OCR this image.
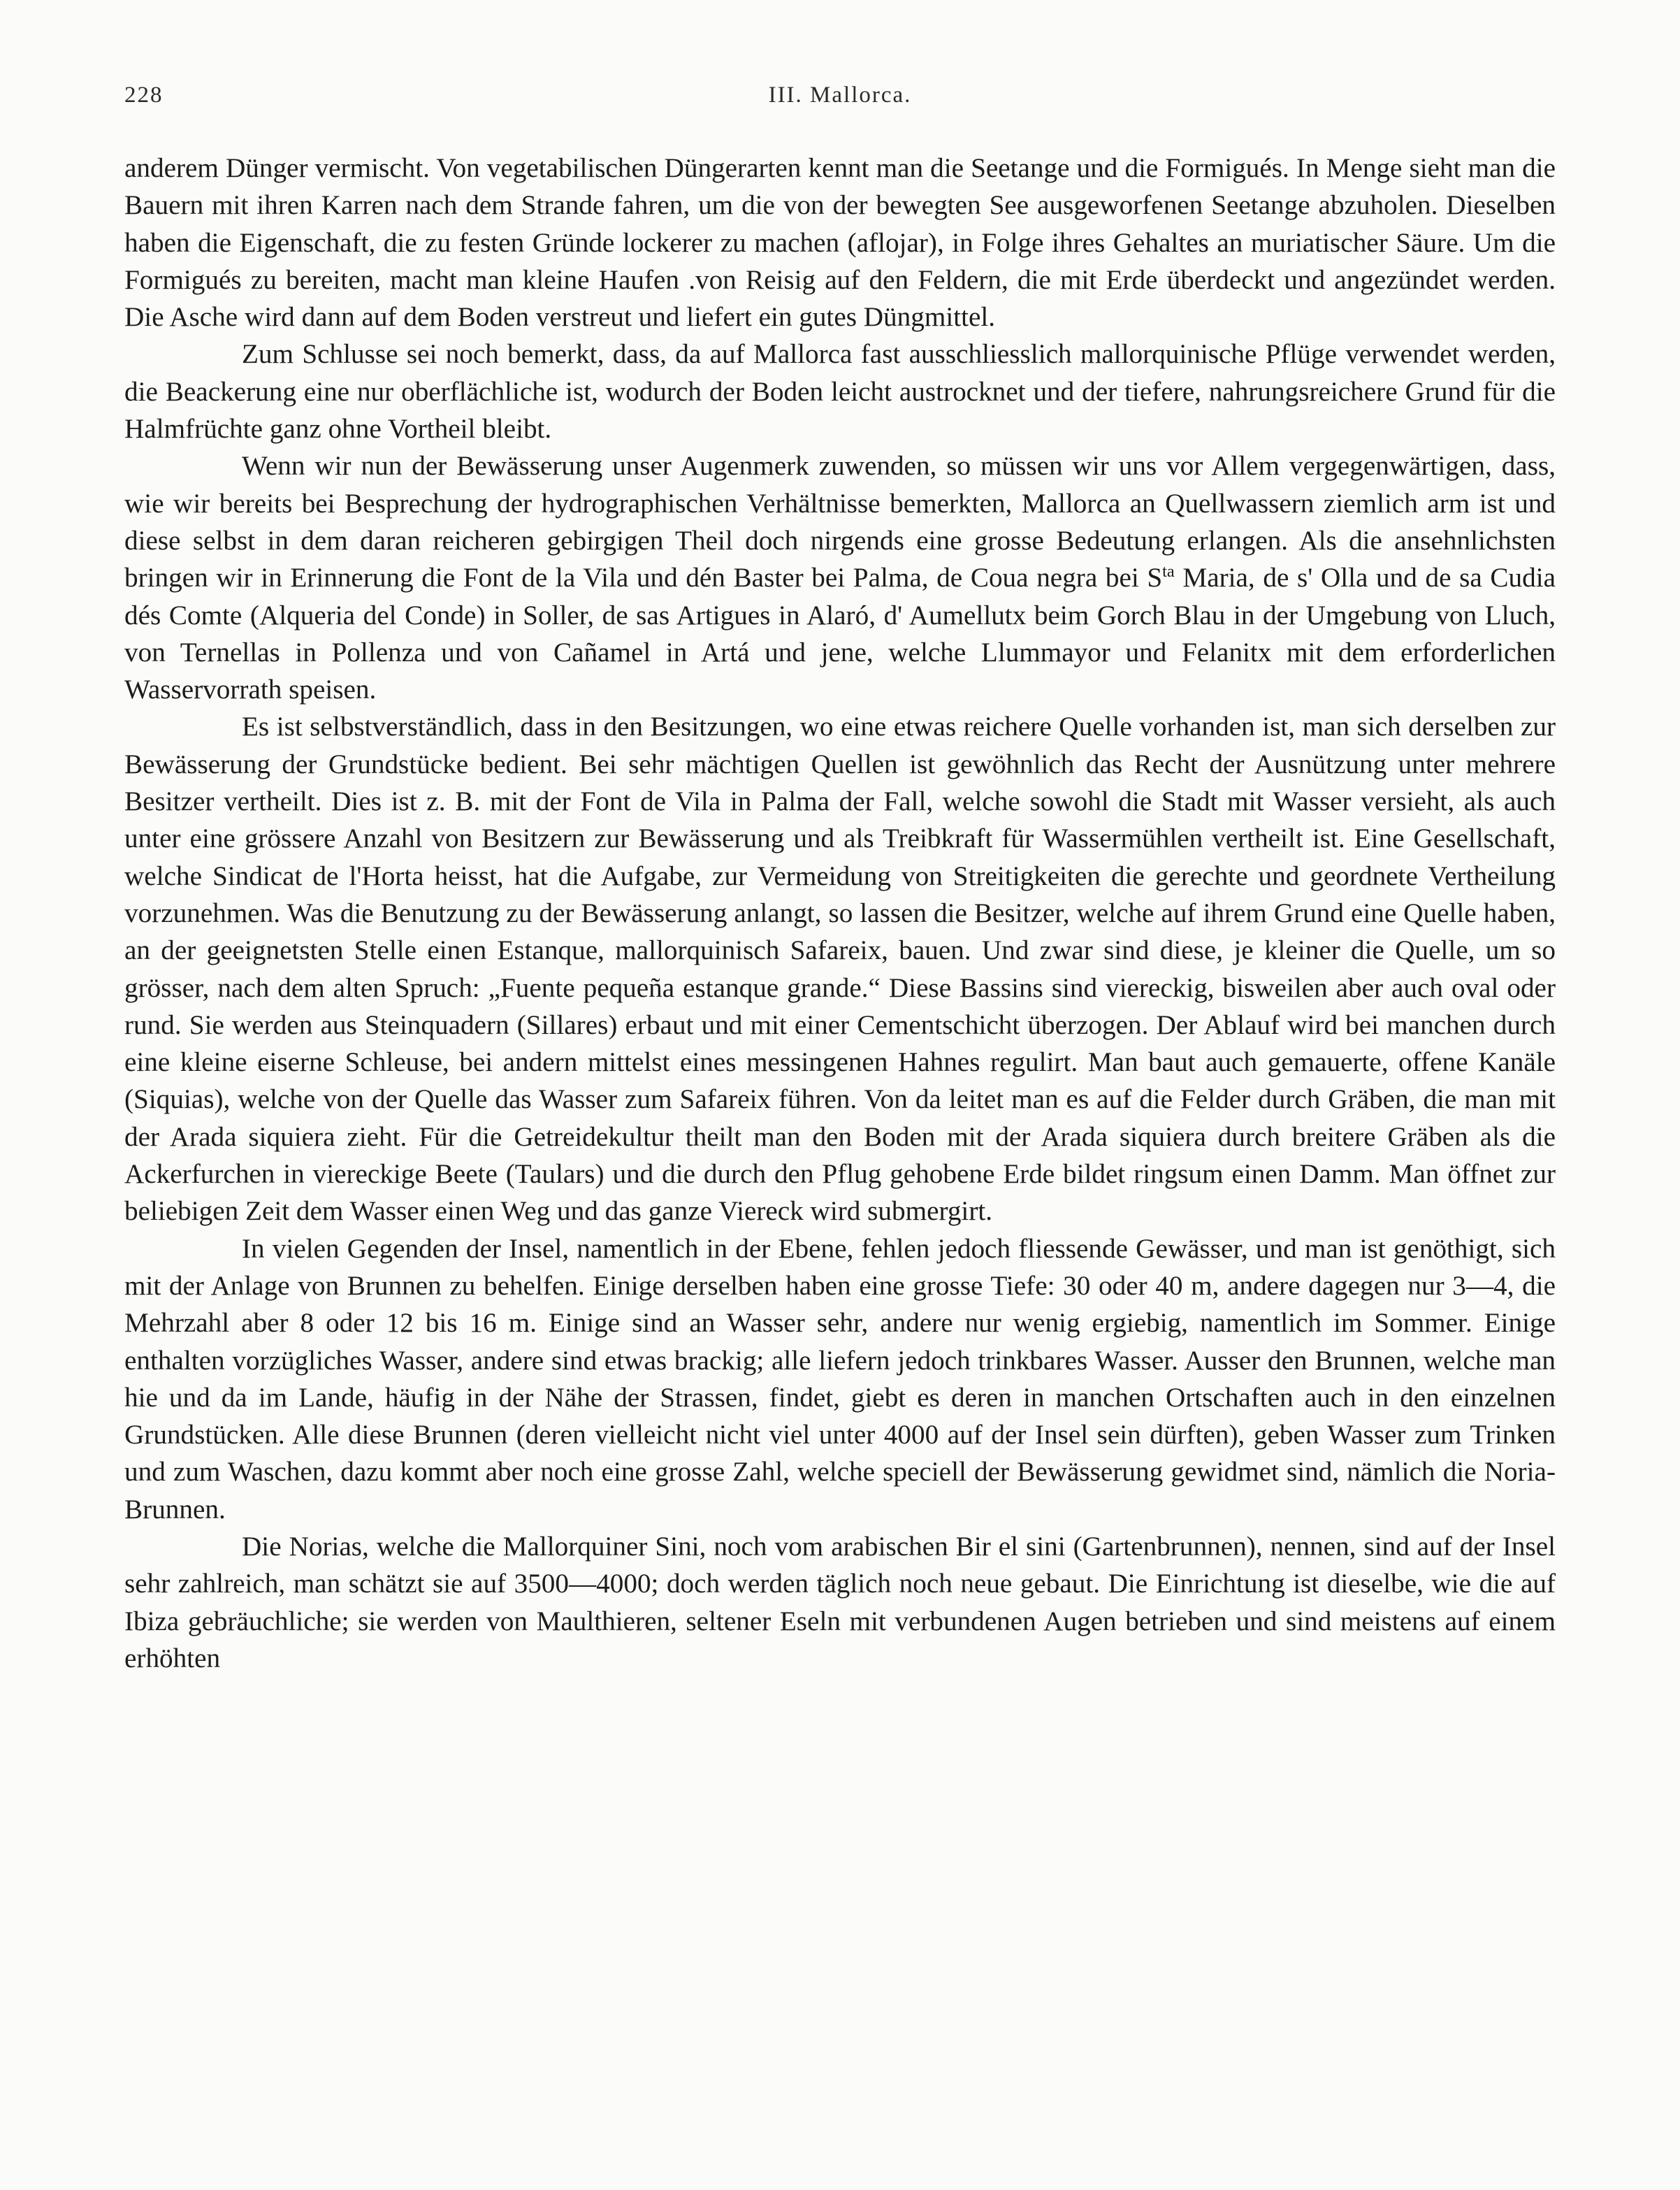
228	III. Mallorca.

anderem Dünger vermischt. Von vegetabilischen Düngerarten kennt man die Seetange und die Formigués. In Menge sieht man die Bauern mit ihren Karren nach dem Strande fahren, um die von der bewegten See ausgeworfenen Seetange abzuholen. Dieselben haben die Eigenschaft, die zu festen Gründe lockerer zu machen (aflojar), in Folge ihres Gehaltes an muriatischer Säure. Um die Formigués zu bereiten, macht man kleine Haufen .von Reisig auf den Feldern, die mit Erde überdeckt und angezündet werden. Die Asche wird dann auf dem Boden verstreut und liefert ein gutes Düngmittel.

Zum Schlusse sei noch bemerkt, dass, da auf Mallorca fast ausschliesslich mallorquinische Pflüge verwendet werden, die Beackerung eine nur oberflächliche ist, wodurch der Boden leicht austrocknet und der tiefere, nahrungsreichere Grund für die Halmfrüchte ganz ohne Vortheil bleibt.

Wenn wir nun der Bewässerung unser Augenmerk zuwenden, so müssen wir uns vor Allem vergegenwärtigen, dass, wie wir bereits bei Besprechung der hydrographischen Verhältnisse bemerkten, Mallorca an Quellwassern ziemlich arm ist und diese selbst in dem daran reicheren gebirgigen Theil doch nirgends eine grosse Bedeutung erlangen. Als die ansehnlichsten bringen wir in Erinnerung die Font de la Vila und dén Baster bei Palma, de Coua negra bei $S^{ta}$ Maria, de s' Olla und de sa Cudia dés Comte (Alqueria del Conde) in Soller, de sas Artigues in Alaró, d' Aumellutx beim Gorch Blau in der Umgebung von Lluch, von Ternellas in Pollenza und von Cañamel in Artá und jene, welche Llummayor und Felanitx mit dem erforderlichen Wasservorrath speisen.

Es ist selbstverständlich, dass in den Besitzungen, wo eine etwas reichere Quelle vorhanden ist, man sich derselben zur Bewässerung der Grundstücke bedient. Bei sehr mächtigen Quellen ist gewöhnlich das Recht der Ausnützung unter mehrere Besitzer vertheilt. Dies ist z. B. mit der Font de Vila in Palma der Fall, welche sowohl die Stadt mit Wasser versieht, als auch unter eine grössere Anzahl von Besitzern zur Bewässerung und als Treibkraft für Wassermühlen vertheilt ist. Eine Gesellschaft, welche Sindicat de l'Horta heisst, hat die Aufgabe, zur Vermeidung von Streitigkeiten die gerechte und geordnete Vertheilung vorzunehmen. Was die Benutzung zu der Bewässerung anlangt, so lassen die Besitzer, welche auf ihrem Grund eine Quelle haben, an der geeignetsten Stelle einen Estanque, mallorquinisch Safareix, bauen. Und zwar sind diese, je kleiner die Quelle, um so grösser, nach dem alten Spruch: „Fuente pequeña estanque grande.“ Diese Bassins sind viereckig, bisweilen aber auch oval oder rund. Sie werden aus Steinquadern (Sillares) erbaut und mit einer Cementschicht überzogen. Der Ablauf wird bei manchen durch eine kleine eiserne Schleuse, bei andern mittelst eines messingenen Hahnes regulirt. Man baut auch gemauerte, offene Kanäle (Siquias), welche von der Quelle das Wasser zum Safareix führen. Von da leitet man es auf die Felder durch Gräben, die man mit der Arada siquiera zieht. Für die Getreidekultur theilt man den Boden mit der Arada siquiera durch breitere Gräben als die Ackerfurchen in viereckige Beete (Taulars) und die durch den Pflug gehobene Erde bildet ringsum einen Damm. Man öffnet zur beliebigen Zeit dem Wasser einen Weg und das ganze Viereck wird submergirt.

In vielen Gegenden der Insel, namentlich in der Ebene, fehlen jedoch fliessende Gewässer, und man ist genöthigt, sich mit der Anlage von Brunnen zu behelfen. Einige derselben haben eine grosse Tiefe: 30 oder 40 m, andere dagegen nur 3—4, die Mehrzahl aber 8 oder 12 bis 16 m. Einige sind an Wasser sehr, andere nur wenig ergiebig, namentlich im Sommer. Einige enthalten vorzügliches Wasser, andere sind etwas brackig; alle liefern jedoch trinkbares Wasser. Ausser den Brunnen, welche man hie und da im Lande, häufig in der Nähe der Strassen, findet, giebt es deren in manchen Ortschaften auch in den einzelnen Grundstücken. Alle diese Brunnen (deren vielleicht nicht viel unter 4000 auf der Insel sein dürften), geben Wasser zum Trinken und zum Waschen, dazu kommt aber noch eine grosse Zahl, welche speciell der Bewässerung gewidmet sind, nämlich die Noria-Brunnen.

Die Norias, welche die Mallorquiner Sini, noch vom arabischen Bir el sini (Gartenbrunnen), nennen, sind auf der Insel sehr zahlreich, man schätzt sie auf 3500—4000; doch werden täglich noch neue gebaut. Die Einrichtung ist dieselbe, wie die auf Ibiza gebräuchliche; sie werden von Maulthieren, seltener Eseln mit verbundenen Augen betrieben und sind meistens auf einem erhöhten
